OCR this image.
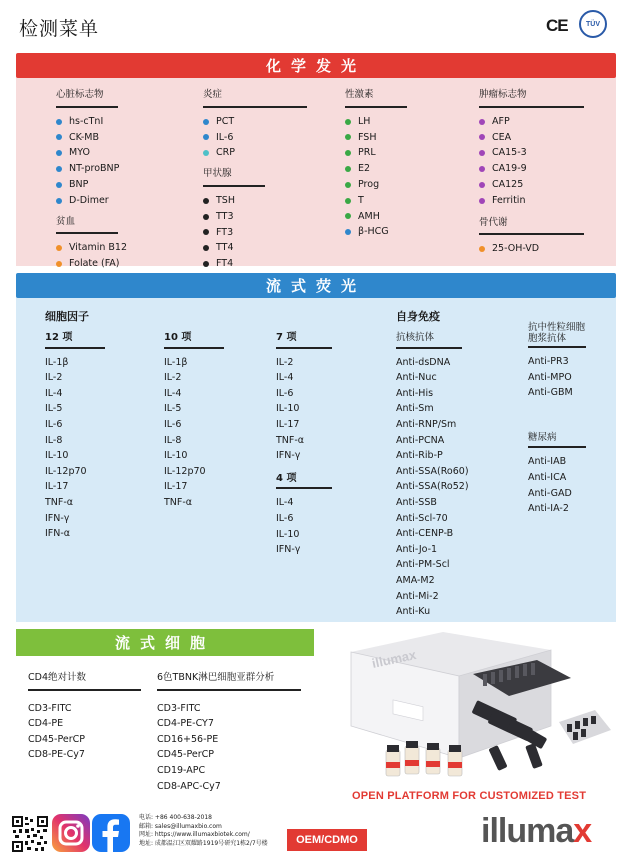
检测菜单	CE	TÜV
化学发光
心脏标志物
hs-cTnI
CK-MB
MYO
NT-proBNP
BNP
D-Dimer
贫血
Vitamin B12
Folate (FA)
炎症
PCT
IL-6
CRP
甲状腺
TSH
TT3
FT3
TT4
FT4
性激素
LH
FSH
PRL
E2
Prog
T
AMH
β-HCG
肿瘤标志物
AFP
CEA
CA15-3
CA19-9
CA125
Ferritin
骨代谢
25-OH-VD
流式荧光
细胞因子	自身免疫
12 项
IL-1β
IL-2
IL-4
IL-5
IL-6
IL-8
IL-10
IL-12p70
IL-17
TNF-α
IFN-γ
IFN-α
10 项
IL-1β
IL-2
IL-4
IL-5
IL-6
IL-8
IL-10
IL-12p70
IL-17
TNF-α
7 项
IL-2
IL-4
IL-6
IL-10
IL-17
TNF-α
IFN-γ
4 项
IL-4
IL-6
IL-10
IFN-γ
抗核抗体
Anti-dsDNA
Anti-Nuc
Anti-His
Anti-Sm
Anti-RNP/Sm
Anti-PCNA
Anti-Rib-P
Anti-SSA(Ro60)
Anti-SSA(Ro52)
Anti-SSB
Anti-Scl-70
Anti-CENP-B
Anti-Jo-1
Anti-PM-Scl
AMA-M2
Anti-Mi-2
Anti-Ku
抗中性粒细胞
胞浆抗体
Anti-PR3
Anti-MPO
Anti-GBM
糖尿病
Anti-IAB
Anti-ICA
Anti-GAD
Anti-IA-2
流式细胞
CD4绝对计数
CD3-FITC
CD4-PE
CD45-PerCP
CD8-PE-Cy7
6色TBNK淋巴细胞亚群分析
CD3-FITC
CD4-PE-CY7
CD16+56-PE
CD45-PerCP
CD19-APC
CD8-APC-Cy7
illumax
OPEN PLATFORM FOR CUSTOMIZED TEST
电话: +86 400-638-2018
邮箱: sales@illumaxbio.com
网址: https://www.illumaxbiotek.com/
地址: 成都温江区双耀路1919号研究1栋2/7号楼	OEM/CDMO	illumax
